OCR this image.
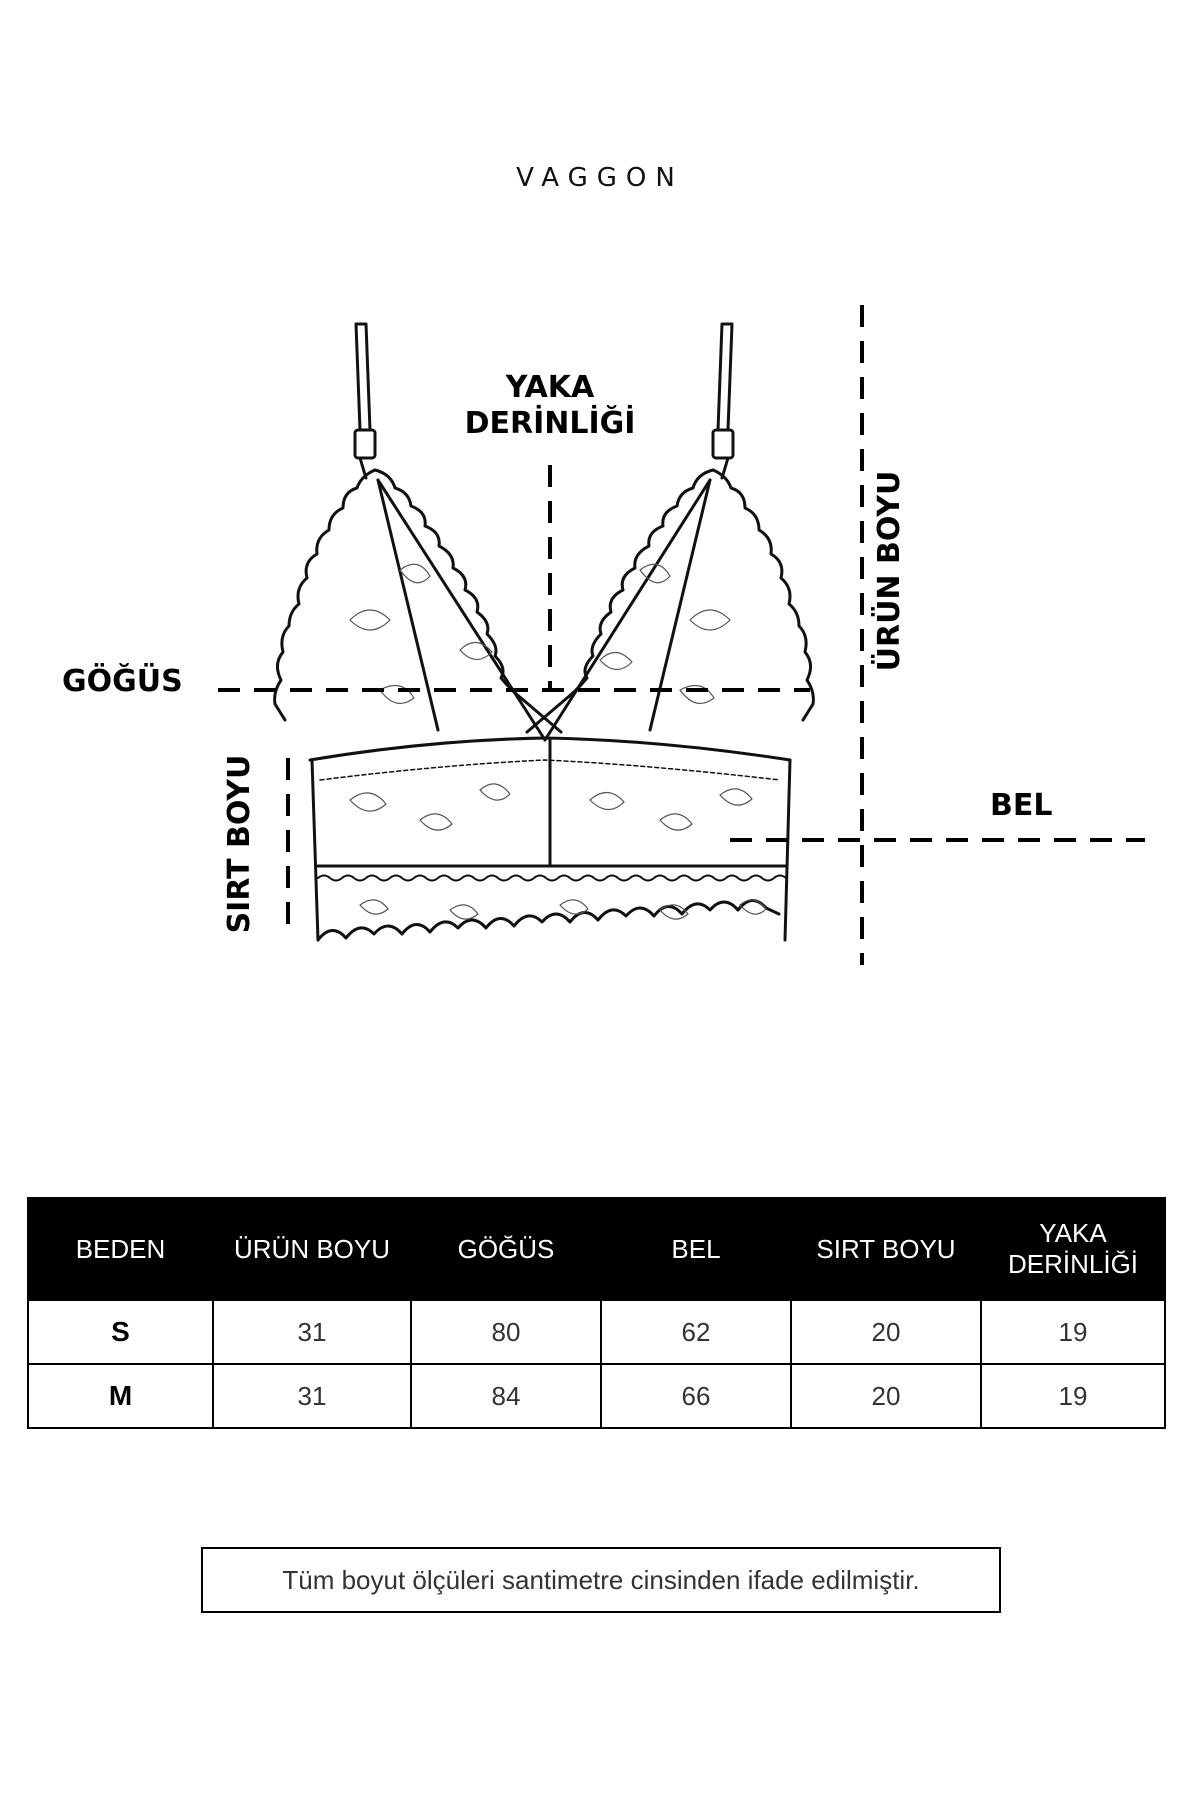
VAGGON
YAKA
DERİNLİĞİ
GÖĞÜS
BEL
ÜRÜN BOYU
SIRT BOYU
BEDEN	ÜRÜN BOYU	GÖĞÜS	BEL	SIRT BOYU	YAKA
DERİNLİĞİ

S	31	80	62	20	19
M	31	84	66	20	19
Tüm boyut ölçüleri santimetre cinsinden ifade edilmiştir.
